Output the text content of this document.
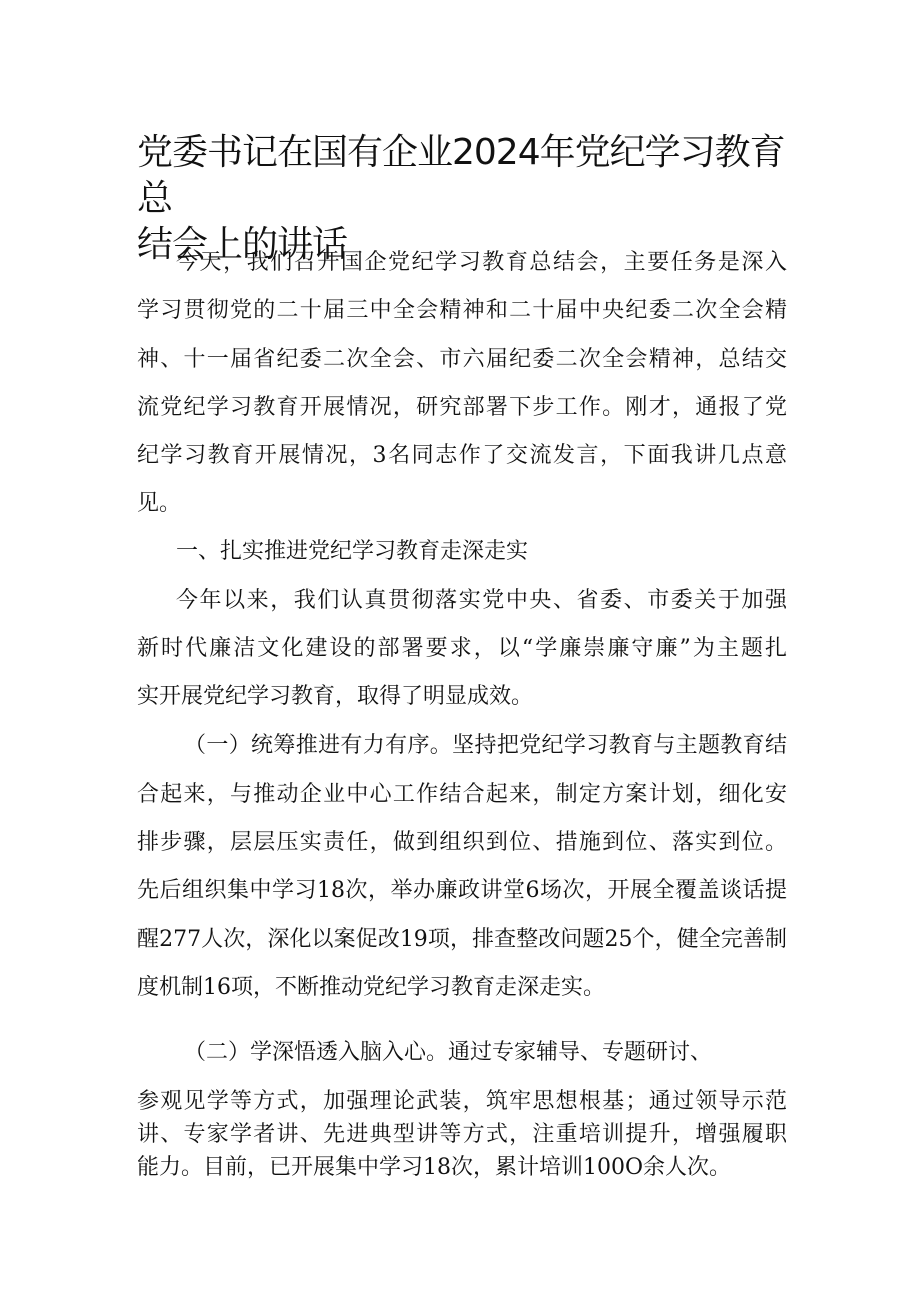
党委书记在国有企业2024年党纪学习教育总
结会上的讲话
今天，我们召开国企党纪学习教育总结会，主要任务是深入
学习贯彻党的二十届三中全会精神和二十届中央纪委二次全会精
神、十一届省纪委二次全会、市六届纪委二次全会精神，总结交
流党纪学习教育开展情况，研究部署下步工作。刚才，通报了党
纪学习教育开展情况，3名同志作了交流发言，下面我讲几点意
见。
一、扎实推进党纪学习教育走深走实
今年以来，我们认真贯彻落实党中央、省委、市委关于加强
新时代廉洁文化建设的部署要求，以“学廉崇廉守廉”为主题扎
实开展党纪学习教育，取得了明显成效。
（一）统筹推进有力有序。坚持把党纪学习教育与主题教育结
合起来，与推动企业中心工作结合起来，制定方案计划，细化安
排步骤，层层压实责任，做到组织到位、措施到位、落实到位。
先后组织集中学习18次，举办廉政讲堂6场次，开展全覆盖谈话提
醒277人次，深化以案促改19项，排查整改问题25个，健全完善制
度机制16项，不断推动党纪学习教育走深走实。
（二）学深悟透入脑入心。通过专家辅导、专题研讨、
参观见学等方式，加强理论武装，筑牢思想根基；通过领导示范
讲、专家学者讲、先进典型讲等方式，注重培训提升，增强履职
能力。目前，已开展集中学习18次，累计培训100O余人次。
